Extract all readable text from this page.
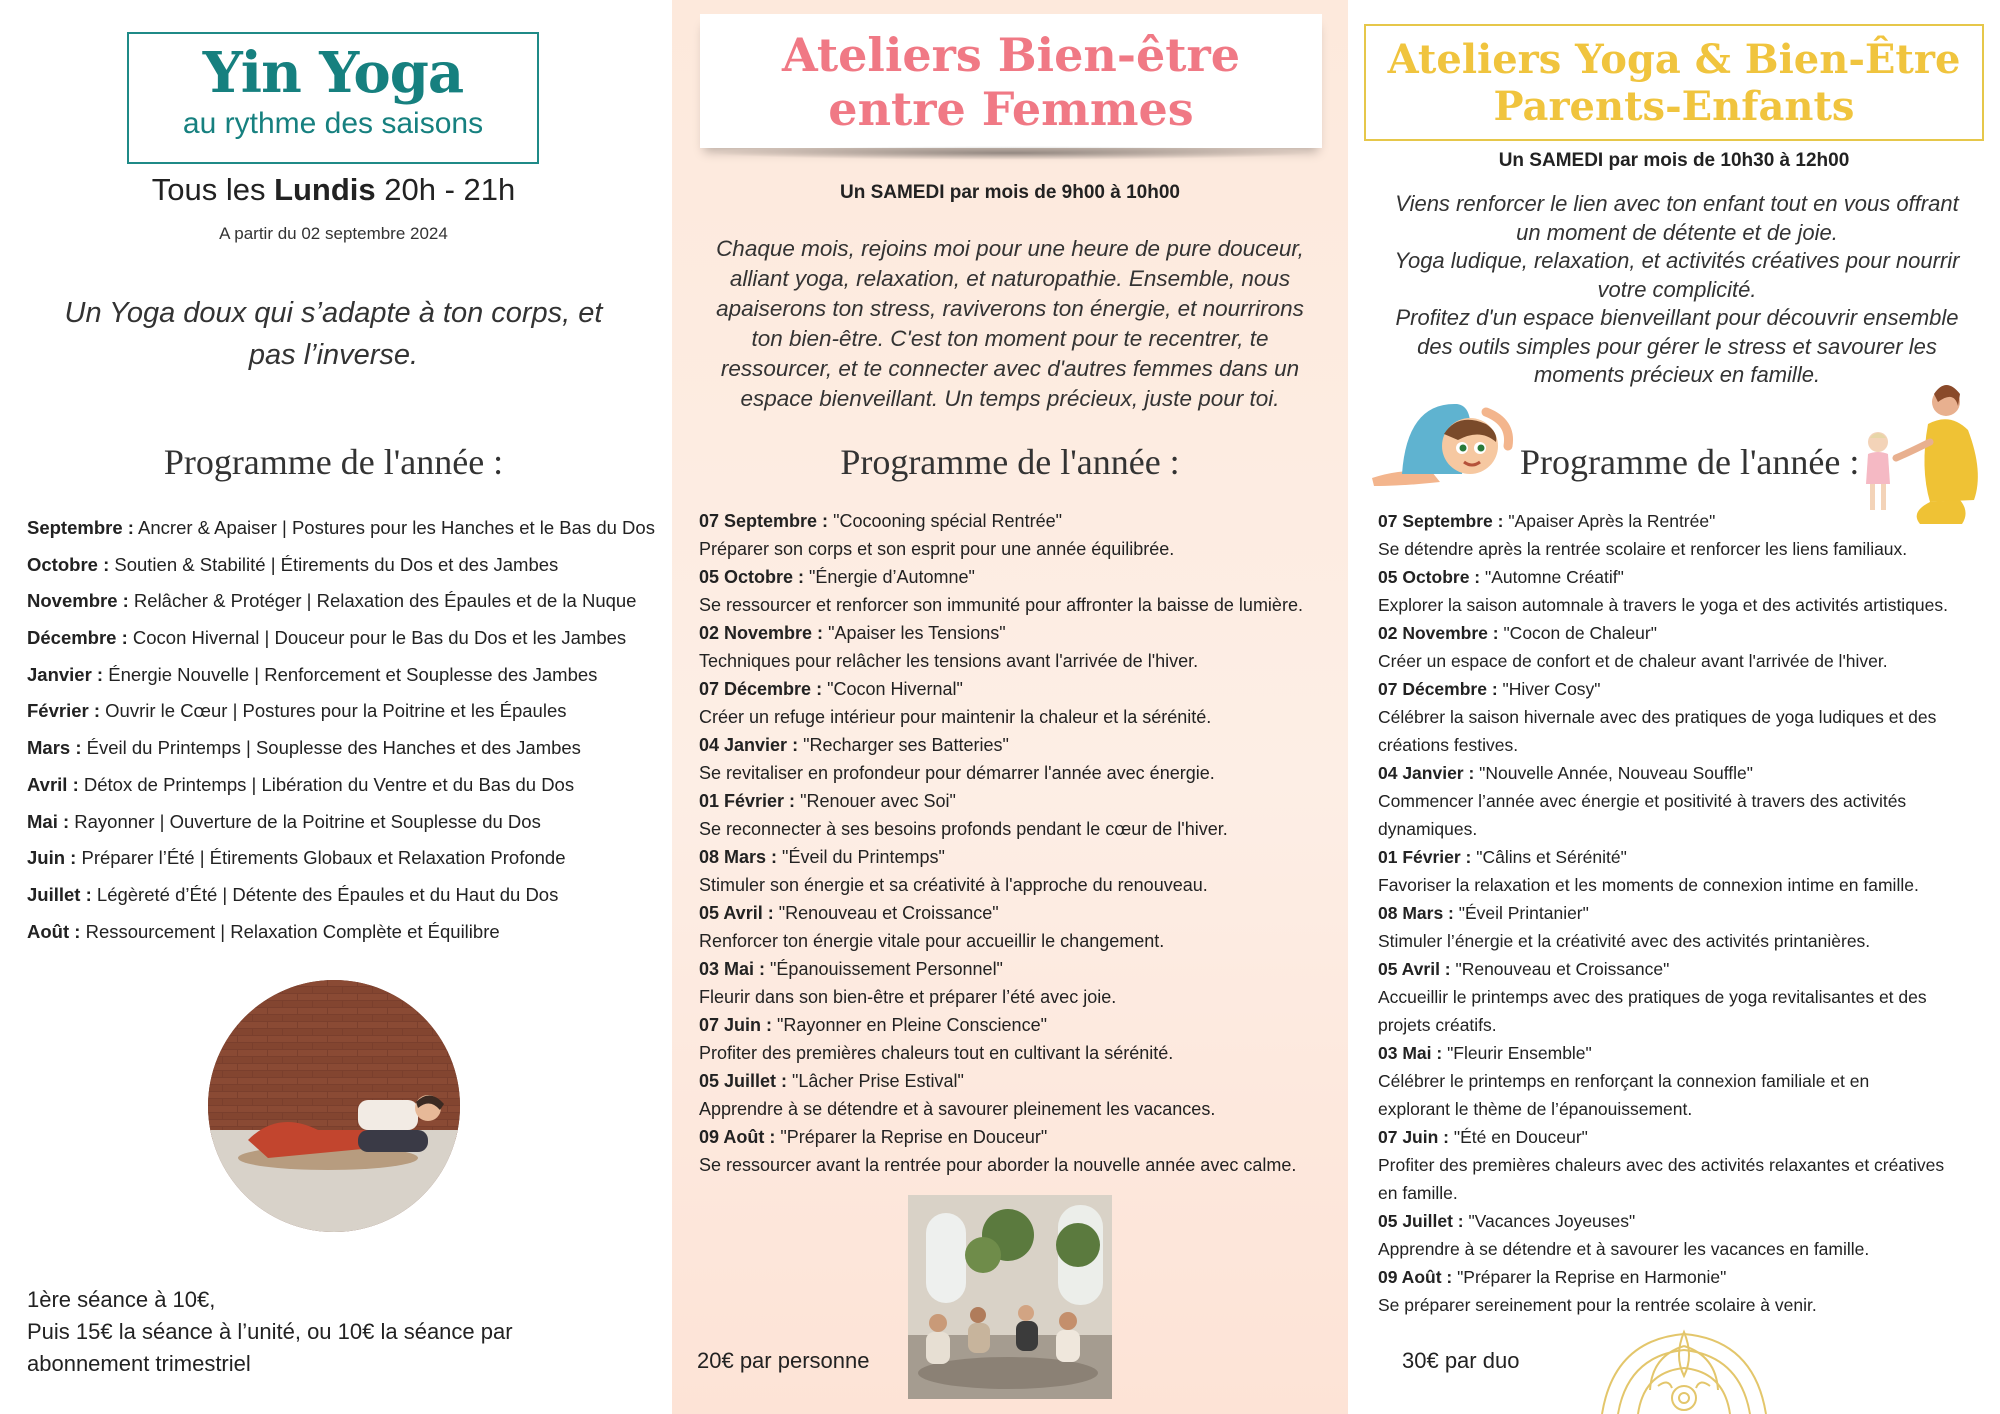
Yin Yoga
au rythme des saisons
Tous les Lundis 20h - 21h
A partir du 02 septembre 2024
Un Yoga doux qui s’adapte à ton corps, et pas l’inverse.
Programme de l'année :
Septembre : Ancrer & Apaiser | Postures pour les Hanches et le Bas du Dos
Octobre : Soutien & Stabilité | Étirements du Dos et des Jambes
Novembre : Relâcher & Protéger | Relaxation des Épaules et de la Nuque
Décembre : Cocon Hivernal | Douceur pour le Bas du Dos et les Jambes
Janvier : Énergie Nouvelle | Renforcement et Souplesse des Jambes
Février : Ouvrir le Cœur | Postures pour la Poitrine et les Épaules
Mars : Éveil du Printemps | Souplesse des Hanches et des Jambes
Avril : Détox de Printemps | Libération du Ventre et du Bas du Dos
Mai : Rayonner | Ouverture de la Poitrine et Souplesse du Dos
Juin : Préparer l’Été | Étirements Globaux et Relaxation Profonde
Juillet : Légèreté d’Été | Détente des Épaules et du Haut du Dos
Août : Ressourcement | Relaxation Complète et Équilibre
1ère séance à 10€,
Puis 15€ la séance à l’unité, ou 10€ la séance par
abonnement trimestriel
Ateliers Bien-être
entre Femmes
Un SAMEDI par mois de 9h00 à 10h00
Chaque mois, rejoins moi pour une heure de pure douceur,
alliant yoga, relaxation, et naturopathie. Ensemble, nous
apaiserons ton stress, raviverons ton énergie, et nourrirons
ton bien-être. C'est ton moment pour te recentrer, te
ressourcer, et te connecter avec d'autres femmes dans un
espace bienveillant. Un temps précieux, juste pour toi.
Programme de l'année :
07 Septembre : "Cocooning spécial Rentrée"
Préparer son corps et son esprit pour une année équilibrée.
05 Octobre : "Énergie d’Automne"
Se ressourcer et renforcer son immunité pour affronter la baisse de lumière.
02 Novembre : "Apaiser les Tensions"
Techniques pour relâcher les tensions avant l'arrivée de l'hiver.
07 Décembre : "Cocon Hivernal"
Créer un refuge intérieur pour maintenir la chaleur et la sérénité.
04 Janvier : "Recharger ses Batteries"
Se revitaliser en profondeur pour démarrer l'année avec énergie.
01 Février : "Renouer avec Soi"
Se reconnecter à ses besoins profonds pendant le cœur de l'hiver.
08 Mars : "Éveil du Printemps"
Stimuler son énergie et sa créativité à l'approche du renouveau.
05 Avril : "Renouveau et Croissance"
Renforcer ton énergie vitale pour accueillir le changement.
03 Mai : "Épanouissement Personnel"
Fleurir dans son bien-être et préparer l’été avec joie.
07 Juin : "Rayonner en Pleine Conscience"
Profiter des premières chaleurs tout en cultivant la sérénité.
05 Juillet : "Lâcher Prise Estival"
Apprendre à se détendre et à savourer pleinement les vacances.
09 Août : "Préparer la Reprise en Douceur"
Se ressourcer avant la rentrée pour aborder la nouvelle année avec calme.
20€ par personne
Ateliers Yoga & Bien-Être
Parents-Enfants
Un SAMEDI par mois de 10h30 à 12h00
Viens renforcer le lien avec ton enfant tout en vous offrant
un moment de détente et de joie.
Yoga ludique, relaxation, et activités créatives pour nourrir
votre complicité.
Profitez d'un espace bienveillant pour découvrir ensemble
des outils simples pour gérer le stress et savourer les
moments précieux en famille.
Programme de l'année :
07 Septembre : "Apaiser Après la Rentrée"
Se détendre après la rentrée scolaire et renforcer les liens familiaux.
05 Octobre : "Automne Créatif"
Explorer la saison automnale à travers le yoga et des activités artistiques.
02 Novembre : "Cocon de Chaleur"
Créer un espace de confort et de chaleur avant l'arrivée de l'hiver.
07 Décembre : "Hiver Cosy"
Célébrer la saison hivernale avec des pratiques de yoga ludiques et des
créations festives.
04 Janvier : "Nouvelle Année, Nouveau Souffle"
Commencer l’année avec énergie et positivité à travers des activités
dynamiques.
01 Février : "Câlins et Sérénité"
Favoriser la relaxation et les moments de connexion intime en famille.
08 Mars : "Éveil Printanier"
Stimuler l’énergie et la créativité avec des activités printanières.
05 Avril : "Renouveau et Croissance"
Accueillir le printemps avec des pratiques de yoga revitalisantes et des
projets créatifs.
03 Mai : "Fleurir Ensemble"
Célébrer le printemps en renforçant la connexion familiale et en
explorant le thème de l’épanouissement.
07 Juin : "Été en Douceur"
Profiter des premières chaleurs avec des activités relaxantes et créatives
en famille.
05 Juillet : "Vacances Joyeuses"
Apprendre à se détendre et à savourer les vacances en famille.
09 Août : "Préparer la Reprise en Harmonie"
Se préparer sereinement pour la rentrée scolaire à venir.
30€ par duo
